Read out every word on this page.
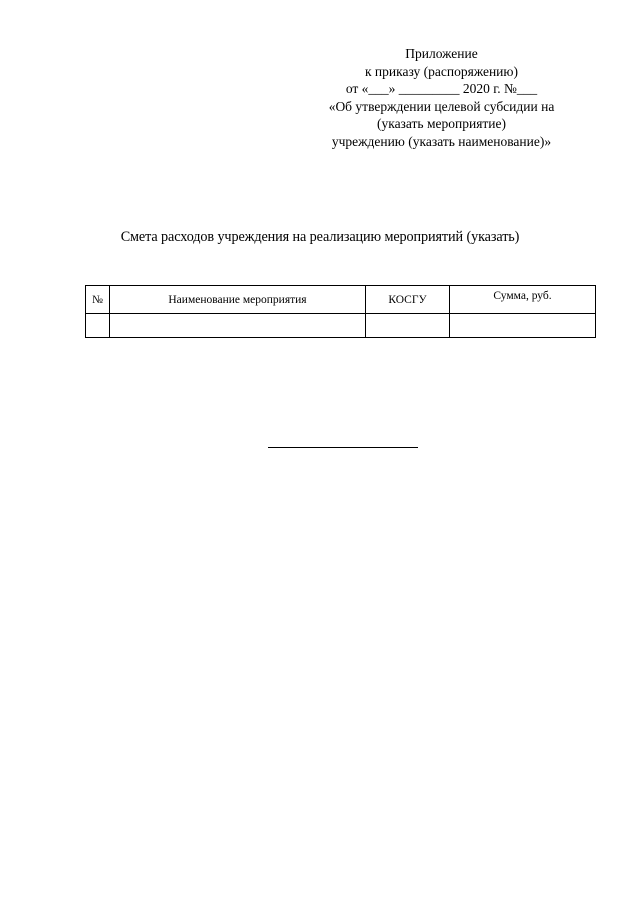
Приложение
к приказу (распоряжению)
от «___» _________ 2020 г. №___
«Об утверждении целевой субсидии на
(указать мероприятие)
учреждению (указать наименование)»
Смета расходов учреждения на реализацию мероприятий (указать)
№	Наименование мероприятия	КОСГУ	Сумма, руб.
